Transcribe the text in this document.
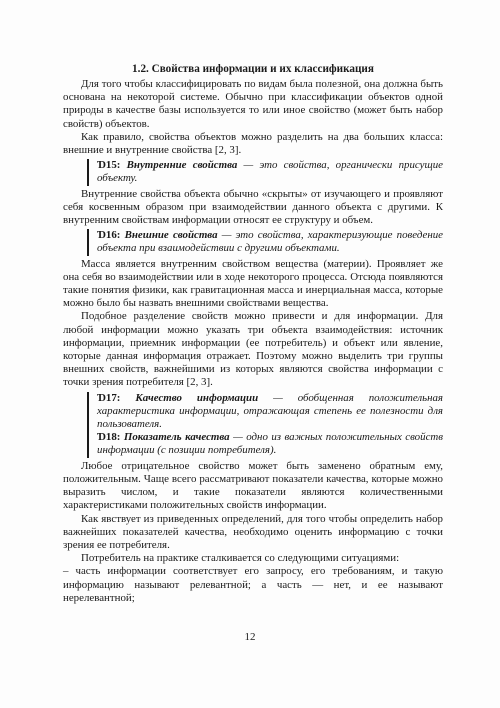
1.2. Свойства информации и их классификация

Для того чтобы классифицировать по видам была полезной, она должна быть основана на некоторой системе. Обычно при классификации объектов одной природы в качестве базы используется то или иное свойство (может быть набор свойств) объектов.

Как правило, свойства объектов можно разделить на два больших класса: внешние и внутренние свойства [2, 3].

Ɗ15: Внутренние свойства — это свойства, органически присущие объекту.

Внутренние свойства объекта обычно «скрыты» от изучающего и проявляют себя косвенным образом при взаимодействии данного объекта с другими. К внутренним свойствам информации относят ее структуру и объем.

Ɗ16: Внешние свойства — это свойства, характеризующие поведение объекта при взаимодействии с другими объектами.

Масса является внутренним свойством вещества (материи). Проявляет же она себя во взаимодействии или в ходе некоторого процесса. Отсюда появляются такие понятия физики, как гравитационная масса и инерциальная масса, которые можно было бы назвать внешними свойствами вещества.

Подобное разделение свойств можно привести и для информации. Для любой информации можно указать три объекта взаимодействия: источник информации, приемник информации (ее потребитель) и объект или явление, которые данная информация отражает. Поэтому можно выделить три группы внешних свойств, важнейшими из которых являются свойства информации с точки зрения потребителя [2, 3].

Ɗ17: Качество информации — обобщенная положительная характеристика информации, отражающая степень ее полезности для пользователя.
Ɗ18: Показатель качества — одно из важных положительных свойств информации (с позиции потребителя).

Любое отрицательное свойство может быть заменено обратным ему, положительным. Чаще всего рассматривают показатели качества, которые можно выразить числом, и такие показатели являются количественными характеристиками положительных свойств информации.

Как явствует из приведенных определений, для того чтобы определить набор важнейших показателей качества, необходимо оценить информацию с точки зрения ее потребителя.

Потребитель на практике сталкивается со следующими ситуациями:

– часть информации соответствует его запросу, его требованиям, и такую информацию называют релевантной; а часть — нет, и ее называют нерелевантной;

12
